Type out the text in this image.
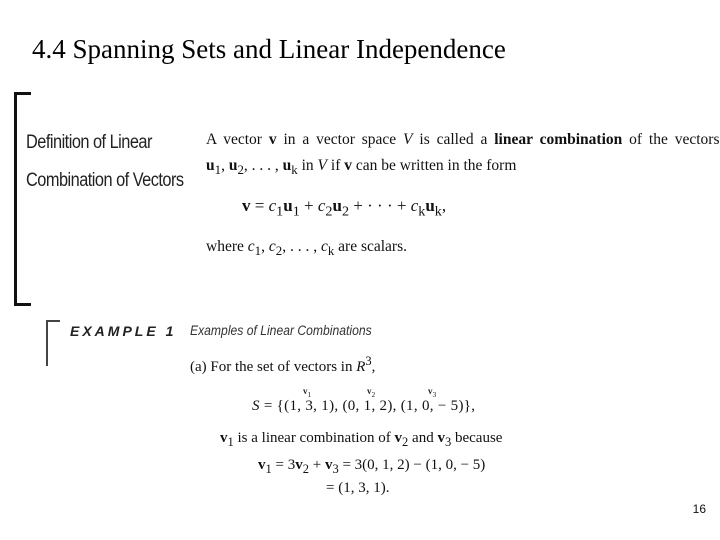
4.4 Spanning Sets and Linear Independence
Definition of Linear
Combination of Vectors
A vector v in a vector space V is called a linear combination of the vectors
$u_1$, $u_2$, . . . , $u_k$ in V if v can be written in the form
$v = c_1u_1 + c_2u_2$ + · · · + $c_ku_k$,
where $c_1$, $c_2$, . . . , $c_k$ are scalars.
EXAMPLE 1 Examples of Linear Combinations
(a) For the set of vectors in $R^3$,
$v_1$	$v_2$	$v_3$
S = {(1, 3, 1), (0, 1, 2), (1, 0, − 5)},
$v_1$ is a linear combination of $v_2$ and $v_3$ because
$v_1 = 3v_2 + v_3 = 3(0$, 1, 2) − (1, 0, − 5)
= (1, 3, 1).
16
